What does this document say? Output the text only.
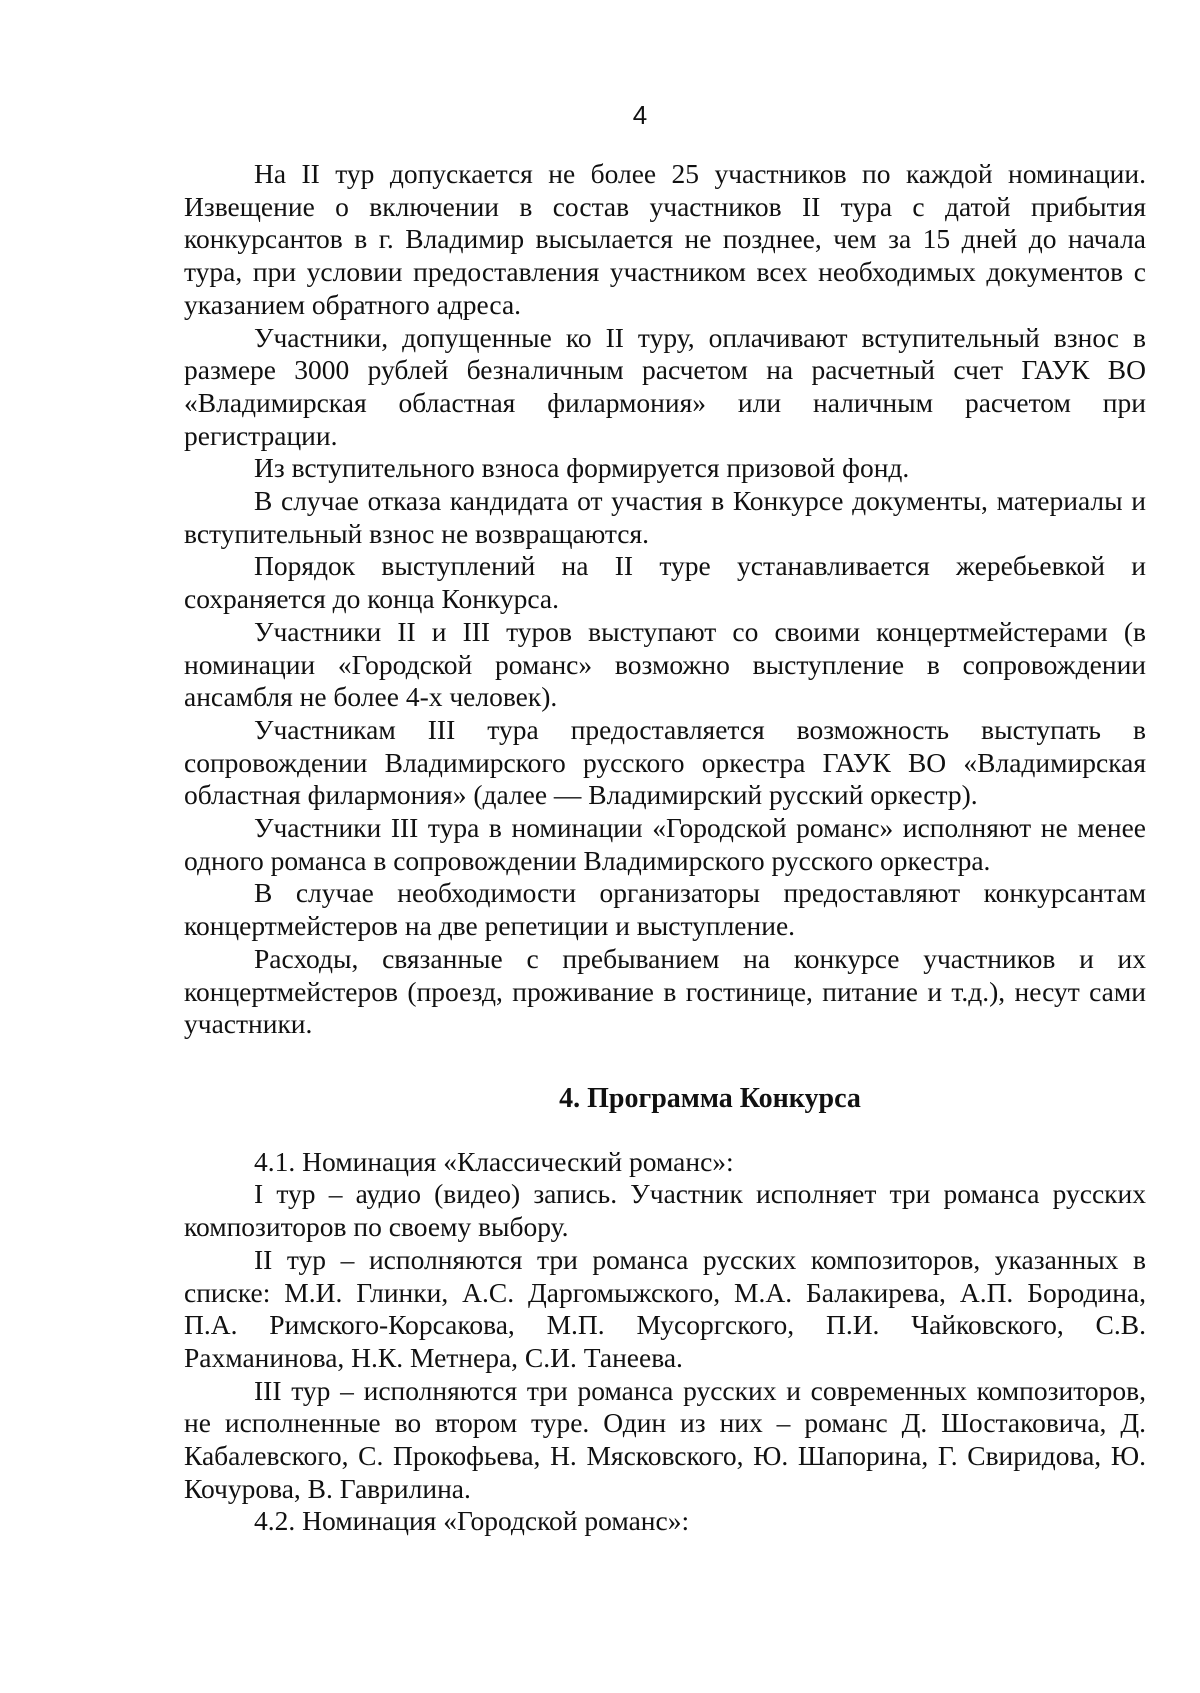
4

На II тур допускается не более 25 участников по каждой номинации. Извещение о включении в состав участников II тура с датой прибытия конкурсантов в г. Владимир высылается не позднее, чем за 15 дней до начала тура, при условии предоставления участником всех необходимых документов с указанием обратного адреса.

Участники, допущенные ко II туру, оплачивают вступительный взнос в размере 3000 рублей безналичным расчетом на расчетный счет ГАУК ВО «Владимирская областная филармония» или наличным расчетом при регистрации.

Из вступительного взноса формируется призовой фонд.

В случае отказа кандидата от участия в Конкурсе документы, материалы и вступительный взнос не возвращаются.

Порядок выступлений на II туре устанавливается жеребьевкой и сохраняется до конца Конкурса.

Участники II и III туров выступают со своими концертмейстерами (в номинации «Городской романс» возможно выступление в сопровождении ансамбля не более 4-х человек).

Участникам III тура предоставляется возможность выступать в сопровождении Владимирского русского оркестра ГАУК ВО «Владимирская областная филармония» (далее — Владимирский русский оркестр).

Участники III тура в номинации «Городской романс» исполняют не менее одного романса в сопровождении Владимирского русского оркестра.

В случае необходимости организаторы предоставляют конкурсантам концертмейстеров на две репетиции и выступление.

Расходы, связанные с пребыванием на конкурсе участников и их концертмейстеров (проезд, проживание в гостинице, питание и т.д.), несут сами участники.

4. Программа Конкурса

4.1. Номинация «Классический романс»:

I тур – аудио (видео) запись. Участник исполняет три романса русских композиторов по своему выбору.

II тур – исполняются три романса русских композиторов, указанных в списке: М.И. Глинки, А.С. Даргомыжского, М.А. Балакирева, А.П. Бородина, П.А. Римского-Корсакова, М.П. Мусоргского, П.И. Чайковского, С.В. Рахманинова, Н.К. Метнера, С.И. Танеева.

III тур – исполняются три романса русских и современных композиторов, не исполненные во втором туре. Один из них – романс Д. Шостаковича, Д. Кабалевского, С. Прокофьева, Н. Мясковского, Ю. Шапорина, Г. Свиридова, Ю. Кочурова, В. Гаврилина.

4.2. Номинация «Городской романс»:
